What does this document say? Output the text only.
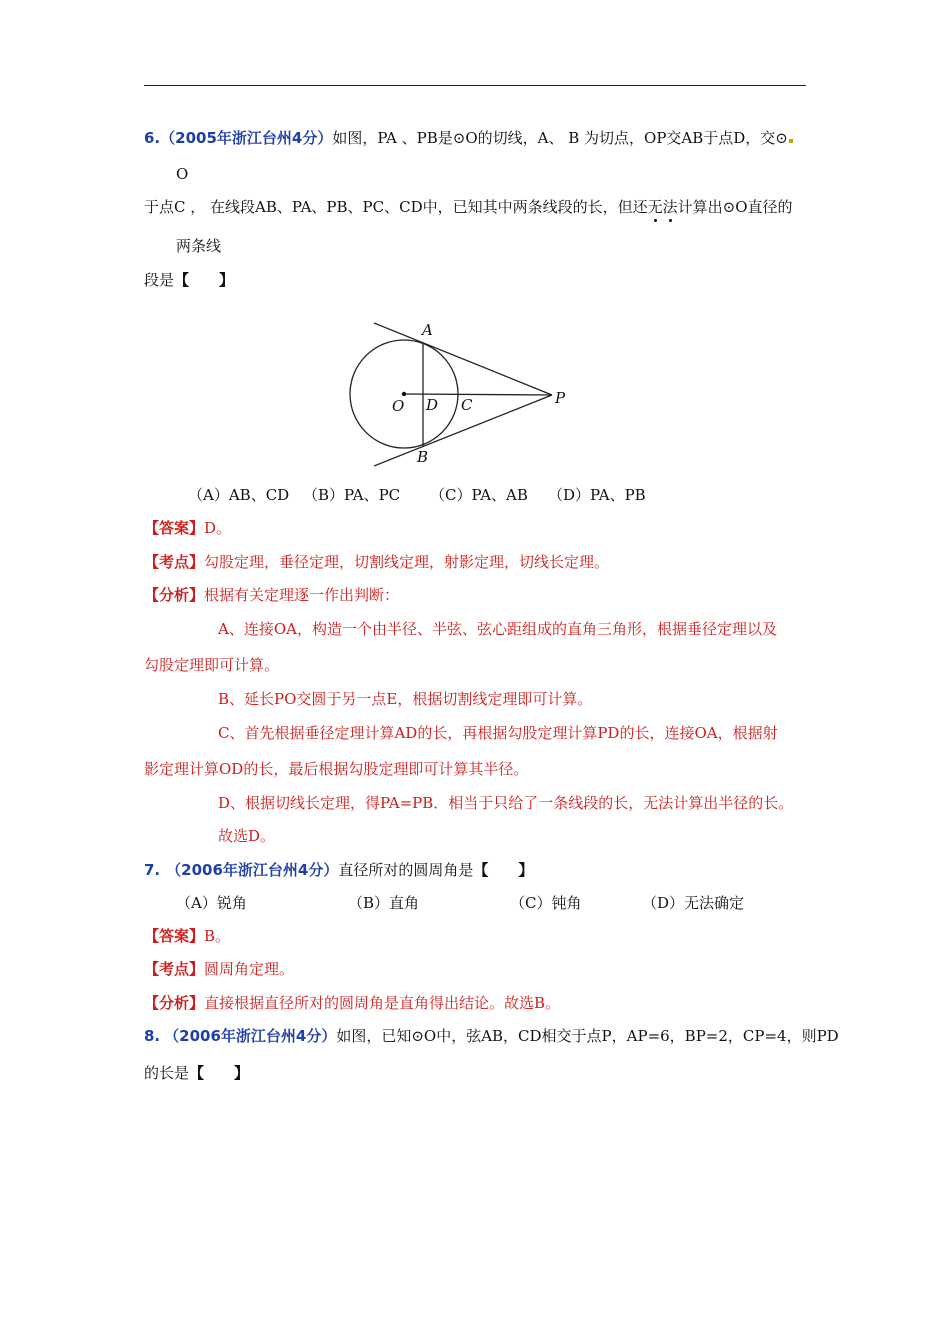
6.（2005年浙江台州4分）如图，PA 、PB是⊙O的切线，A、 B 为切点，OP交AB于点D，交⊙
O
于点C ， 在线段AB、PA、PB、PC、CD中，已知其中两条线段的长，但还无法计算出⊙O直径的
两条线
段是【　　】
A
O D C	P
B
（A）AB、CD （B）PA、PC （C）PA、AB （D）PA、PB
【答案】D。
【考点】勾股定理，垂径定理，切割线定理，射影定理，切线长定理。
【分析】根据有关定理逐一作出判断：
A、连接OA，构造一个由半径、半弦、弦心距组成的直角三角形，根据垂径定理以及
勾股定理即可计算。
B、延长PO交圆于另一点E，根据切割线定理即可计算。
C、首先根据垂径定理计算AD的长，再根据勾股定理计算PD的长，连接OA，根据射
影定理计算OD的长，最后根据勾股定理即可计算其半径。
D、根据切线长定理，得PA=PB．相当于只给了一条线段的长，无法计算出半径的长。
故选D。
7. （2006年浙江台州4分）直径所对的圆周角是【　　】
（A）锐角	（B）直角	（C）钝角	（D）无法确定
【答案】B。
【考点】圆周角定理。
【分析】直接根据直径所对的圆周角是直角得出结论。故选B。
8. （2006年浙江台州4分）如图，已知⊙O中，弦AB，CD相交于点P，AP=6，BP=2，CP=4，则PD
的长是【　　】
